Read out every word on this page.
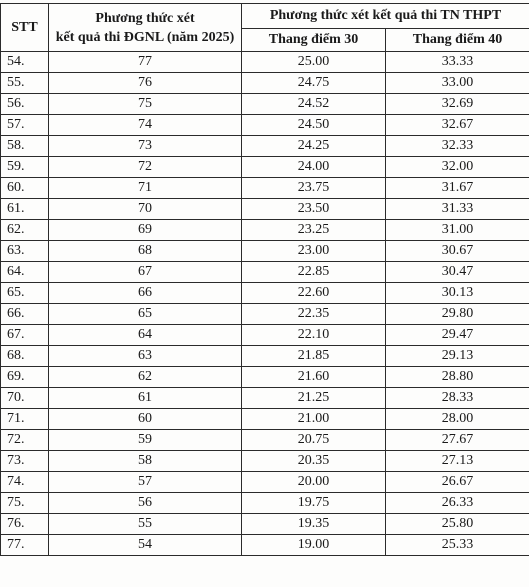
STT	Phương thức xét
kết quả thi ĐGNL (năm 2025)	Phương thức xét kết quả thi TN THPT	
		Thang điểm 30	Thang điểm 40
54.	77	25.00	33.33
55.	76	24.75	33.00
56.	75	24.52	32.69
57.	74	24.50	32.67
58.	73	24.25	32.33
59.	72	24.00	32.00
60.	71	23.75	31.67
61.	70	23.50	31.33
62.	69	23.25	31.00
63.	68	23.00	30.67
64.	67	22.85	30.47
65.	66	22.60	30.13
66.	65	22.35	29.80
67.	64	22.10	29.47
68.	63	21.85	29.13
69.	62	21.60	28.80
70.	61	21.25	28.33
71.	60	21.00	28.00
72.	59	20.75	27.67
73.	58	20.35	27.13
74.	57	20.00	26.67
75.	56	19.75	26.33
76.	55	19.35	25.80
77.	54	19.00	25.33
